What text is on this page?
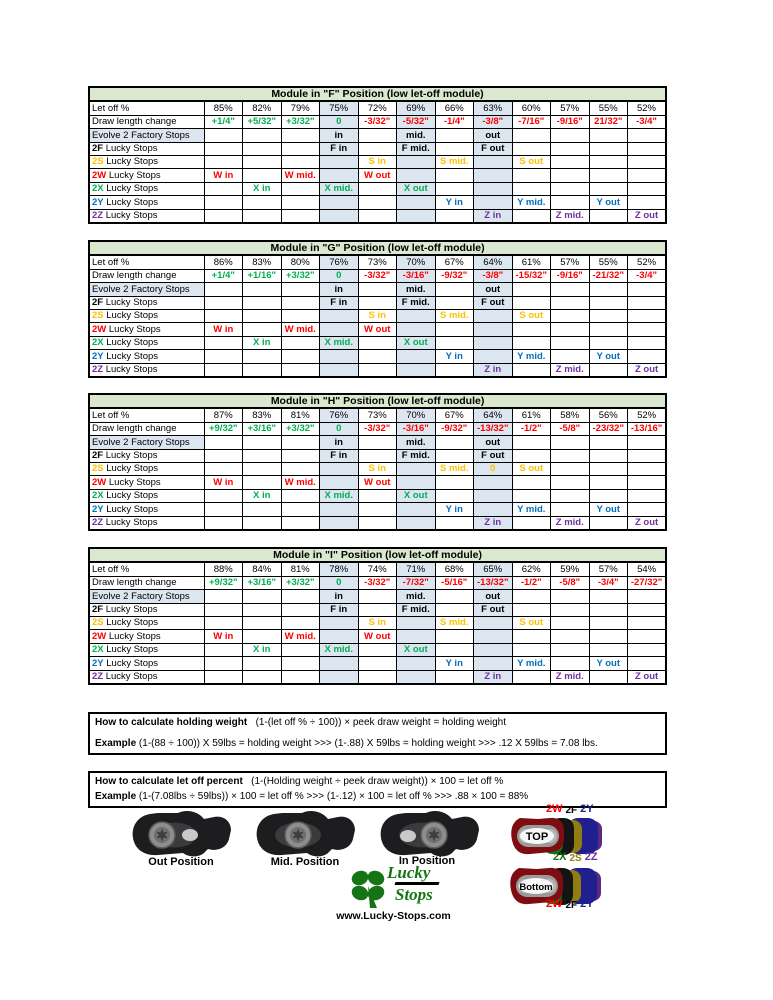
Module in "F" Position (low let-off module)												
Let off %	85%	82%	79%	75%	72%	69%	66%	63%	60%	57%	55%	52%
Draw length change	+1/4"	+5/32"	+3/32"	0	-3/32"	-5/32"	-1/4"	-3/8"	-7/16"	-9/16"	21/32"	-3/4"
Evolve 2 Factory Stops				in		mid.		out				
2F Lucky Stops				F in		F mid.		F out				
2S Lucky Stops					S in		S mid.		S out			
2W Lucky Stops	W in		W mid.		W out							
2X Lucky Stops		X in		X mid.		X out						
2Y Lucky Stops							Y in		Y mid.		Y out	
2Z Lucky Stops								Z in		Z mid.		Z out
Module in "G" Position (low let-off module)												
Let off %	86%	83%	80%	76%	73%	70%	67%	64%	61%	57%	55%	52%
Draw length change	+1/4"	+1/16"	+3/32"	0	-3/32"	-3/16"	-9/32"	-3/8"	-15/32"	-9/16"	-21/32"	-3/4"
Evolve 2 Factory Stops				in		mid.		out				
2F Lucky Stops				F in		F mid.		F out				
2S Lucky Stops					S in		S mid.		S out			
2W Lucky Stops	W in		W mid.		W out							
2X Lucky Stops		X in		X mid.		X out						
2Y Lucky Stops							Y in		Y mid.		Y out	
2Z Lucky Stops								Z in		Z mid.		Z out
Module in "H" Position (low let-off module)												
Let off %	87%	83%	81%	76%	73%	70%	67%	64%	61%	58%	56%	52%
Draw length change	+9/32"	+3/16"	+3/32"	0	-3/32"	-3/16"	-9/32"	-13/32"	-1/2"	-5/8"	-23/32"	-13/16"
Evolve 2 Factory Stops				in		mid.		out				
2F Lucky Stops				F in		F mid.		F out				
2S Lucky Stops					S in		S mid.	0	S out			
2W Lucky Stops	W in		W mid.		W out							
2X Lucky Stops		X in		X mid.		X out						
2Y Lucky Stops							Y in		Y mid.		Y out	
2Z Lucky Stops								Z in		Z mid.		Z out
Module in "I" Position (low let-off module)												
Let off %	88%	84%	81%	78%	74%	71%	68%	65%	62%	59%	57%	54%
Draw length change	+9/32"	+3/16"	+3/32"	0	-3/32"	-7/32"	-5/16"	-13/32"	-1/2"	-5/8"	-3/4"	-27/32"
Evolve 2 Factory Stops				in		mid.		out				
2F Lucky Stops				F in		F mid.		F out				
2S Lucky Stops					S in		S mid.		S out			
2W Lucky Stops	W in		W mid.		W out							
2X Lucky Stops		X in		X mid.		X out						
2Y Lucky Stops							Y in		Y mid.		Y out	
2Z Lucky Stops								Z in		Z mid.		Z out
How to calculate holding weight (1-(let off % ÷ 100)) × peek draw weight = holding weight
Example (1-(88 ÷ 100)) X 59lbs = holding weight >>> (1-.88) X 59lbs = holding weight >>> .12 X 59lbs = 7.08 lbs.
How to calculate let off percent (1-(Holding weight ÷ peek draw weight)) × 100 = let off %
Example (1-(7.08lbs ÷ 59lbs)) × 100 = let off % >>> (1-.12) × 100 = let off % >>> .88 × 100 = 88%
Out Position	Mid. Position	In Position
Lucky
Stops
www.Lucky-Stops.com
2W 2F 2Y
TOP
2X 2S 2Z
Bottom
2W 2F 2Y
